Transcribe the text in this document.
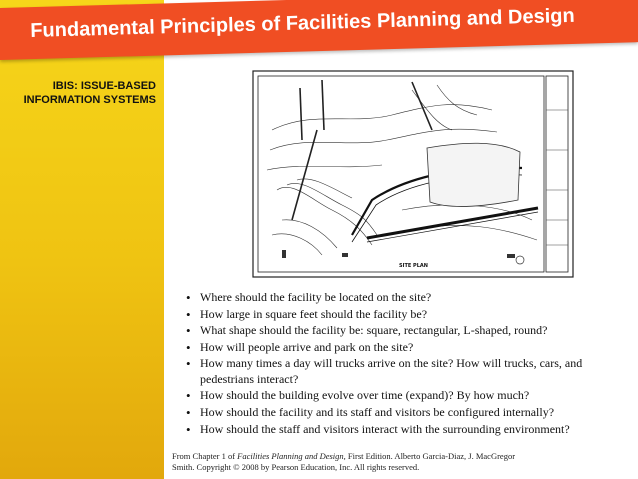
Fundamental Principles of Facilities Planning and Design
IBIS: ISSUE-BASED
INFORMATION SYSTEMS
SITE PLAN
• Where should the facility be located on the site?
• How large in square feet should the facility be?
• What shape should the facility be: square, rectangular, L-shaped, round?
• How will people arrive and park on the site?
• How many times a day will trucks arrive on the site? How will trucks, cars, and pedestrians interact?
• How should the building evolve over time (expand)? By how much?
• How should the facility and its staff and visitors be configured internally?
• How should the staff and visitors interact with the surrounding environment?
From Chapter 1 of Facilities Planning and Design, First Edition. Alberto Garcia-Diaz, J. MacGregor
Smith. Copyright © 2008 by Pearson Education, Inc. All rights reserved.
